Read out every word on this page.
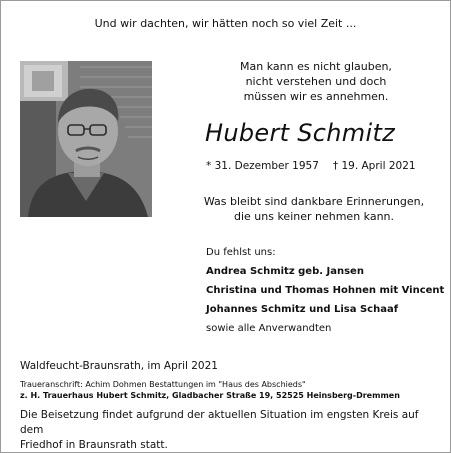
Und wir dachten, wir hätten noch so viel Zeit ...
Man kann es nicht glauben,
nicht verstehen und doch
müssen wir es annehmen.
Hubert Schmitz
* 31. Dezember 1957 † 19. April 2021
Was bleibt sind dankbare Erinnerungen,
die uns keiner nehmen kann.
Du fehlst uns:
Andrea Schmitz geb. Jansen
Christina und Thomas Hohnen mit Vincent
Johannes Schmitz und Lisa Schaaf
sowie alle Anverwandten
Waldfeucht-Braunsrath, im April 2021
Traueranschrift: Achim Dohmen Bestattungen im "Haus des Abschieds"
z. H. Trauerhaus Hubert Schmitz, Gladbacher Straße 19, 52525 Heinsberg-Dremmen
Die Beisetzung findet aufgrund der aktuellen Situation im engsten Kreis auf dem
Friedhof in Braunsrath statt.
